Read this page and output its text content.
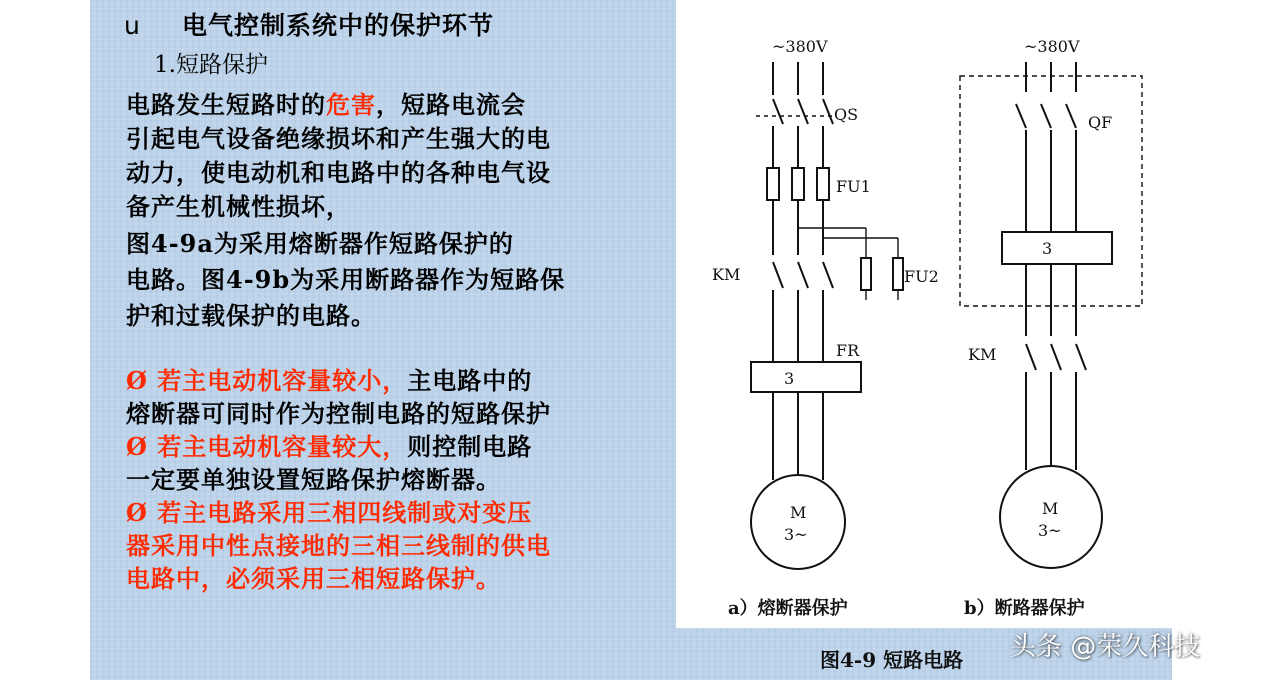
u 电气控制系统中的保护环节
1.短路保护
电路发生短路时的危害，短路电流会
引起电气设备绝缘损坏和产生强大的电
动力，使电动机和电路中的各种电气设
备产生机械性损坏，
图4-9a为采用熔断器作短路保护的
电路。图4-9b为采用断路器作为短路保
护和过载保护的电路。
Ø 若主电动机容量较小，主电路中的
熔断器可同时作为控制电路的短路保护
Ø 若主电动机容量较大，则控制电路
一定要单独设置短路保护熔断器。
Ø 若主电路采用三相四线制或对变压
器采用中性点接地的三相三线制的供电
电路中，必须采用三相短路保护。
~380V
QS
FU1
FU2
KM
FR
3
M
3~
~380V
QF
3
KM
M
3~
a）熔断器保护	b）断路器保护
图4-9 短路电路 头条 @荣久科技
